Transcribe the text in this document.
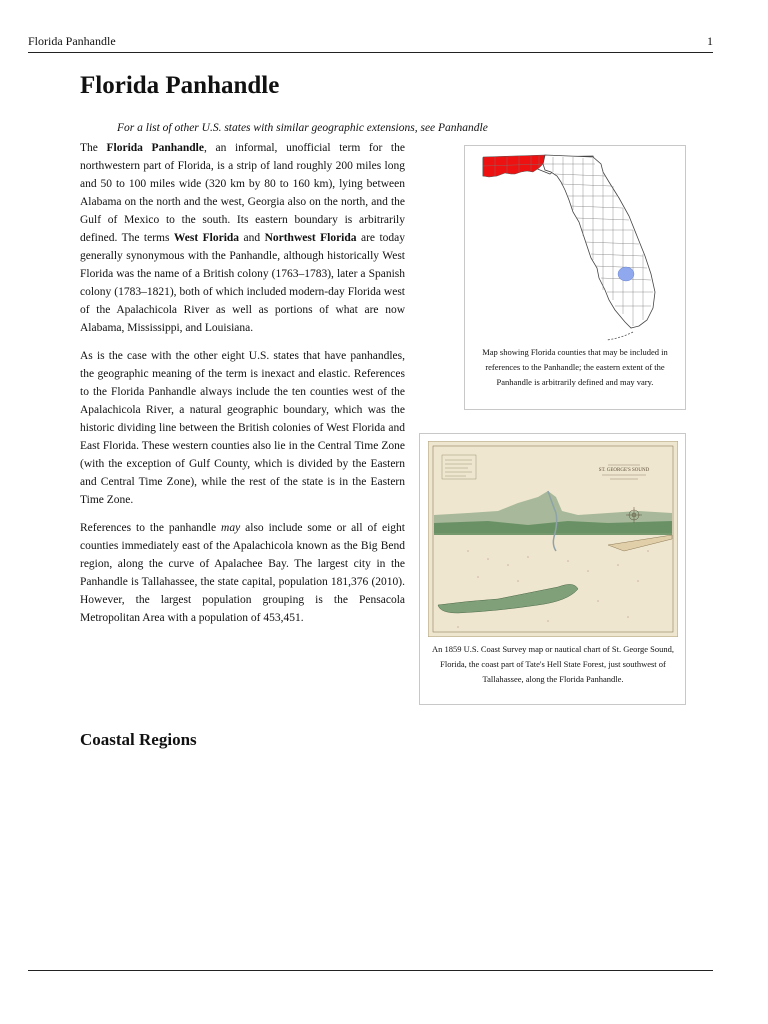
Florida Panhandle	1
Florida Panhandle

For a list of other U.S. states with similar geographic extensions, see Panhandle

The Florida Panhandle, an informal, unofficial term for the northwestern part of Florida, is a strip of land roughly 200 miles long and 50 to 100 miles wide (320 km by 80 to 160 km), lying between Alabama on the north and the west, Georgia also on the north, and the Gulf of Mexico to the south. Its eastern boundary is arbitrarily defined. The terms West Florida and Northwest Florida are today generally synonymous with the Panhandle, although historically West Florida was the name of a British colony (1763–1783), later a Spanish colony (1783–1821), both of which included modern-day Florida west of the Apalachicola River as well as portions of what are now Alabama, Mississippi, and Louisiana.

As is the case with the other eight U.S. states that have panhandles, the geographic meaning of the term is inexact and elastic. References to the Florida Panhandle always include the ten counties west of the Apalachicola River, a natural geographic boundary, which was the historic dividing line between the British colonies of West Florida and East Florida. These western counties also lie in the Central Time Zone (with the exception of Gulf County, which is divided by the Eastern and Central Time Zone), while the rest of the state is in the Eastern Time Zone.

References to the panhandle may also include some or all of eight counties immediately east of the Apalachicola known as the Big Bend region, along the curve of Apalachee Bay. The largest city in the Panhandle is Tallahassee, the state capital, population 181,376 (2010). However, the largest population grouping is the Pensacola Metropolitan Area with a population of 453,451.

Coastal Regions
Map showing Florida counties that may be included in references to the Panhandle; the eastern extent of the Panhandle is arbitrarily defined and may vary.
ST. GEORGE'S SOUND
An 1859 U.S. Coast Survey map or nautical chart of St. George Sound, Florida, the coast part of Tate's Hell State Forest, just southwest of Tallahassee, along the Florida Panhandle.
